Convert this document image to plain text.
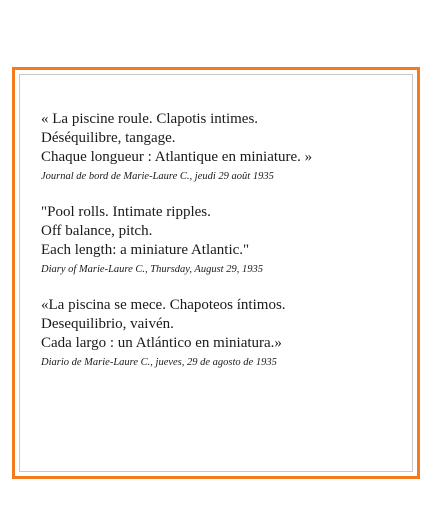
« La piscine roule. Clapotis intimes.
Déséquilibre, tangage.
Chaque longueur : Atlantique en miniature. »
Journal de bord de Marie-Laure C., jeudi 29 août 1935
"Pool rolls. Intimate ripples.
Off balance, pitch.
Each length: a miniature Atlantic."
Diary of Marie-Laure C., Thursday, August 29, 1935
«La piscina se mece. Chapoteos íntimos.
Desequilibrio, vaivén.
Cada largo : un Atlántico en miniatura.»
Diario de Marie-Laure C., jueves, 29 de agosto de 1935
